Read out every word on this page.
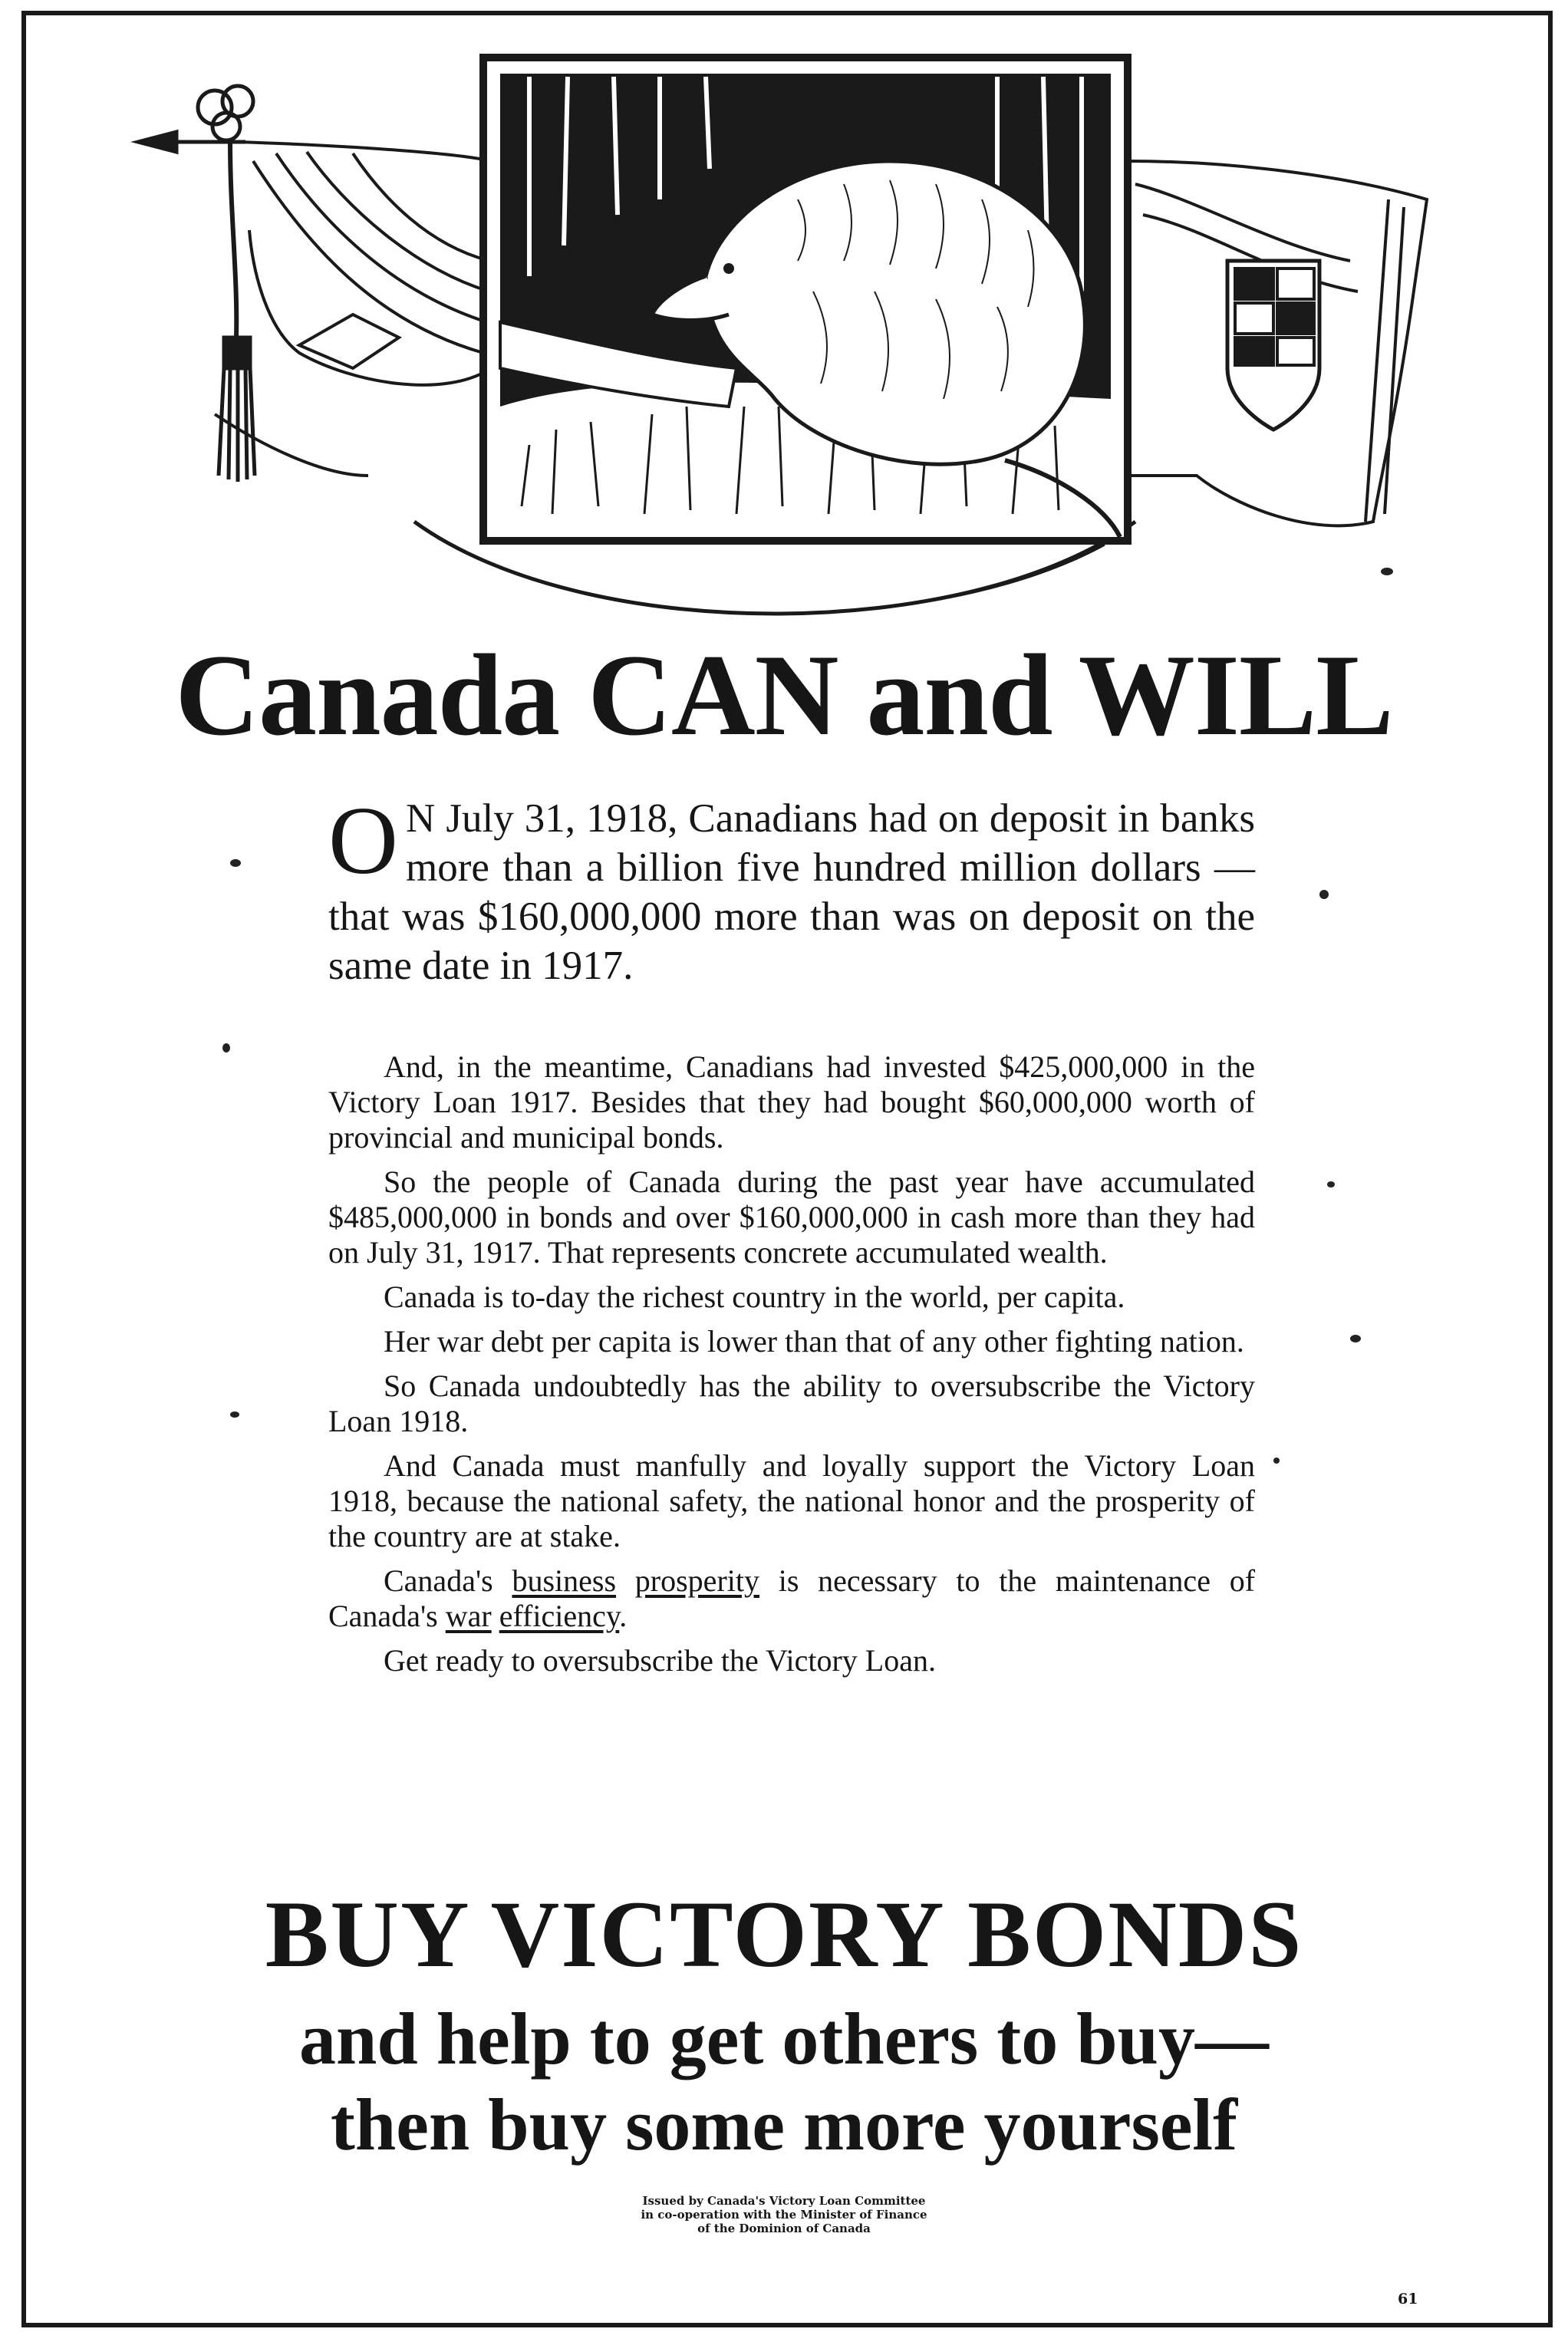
Canada CAN and WILL

O N July 31, 1918, Canadians had on deposit in banks more than a billion five hundred million dollars — that was $160,000,000 more than was on deposit on the same date in 1917.

And, in the meantime, Canadians had invested $425,000,000 in the Victory Loan 1917. Besides that they had bought $60,000,000 worth of provincial and municipal bonds.

So the people of Canada during the past year have accumulated $485,000,000 in bonds and over $160,000,000 in cash more than they had on July 31, 1917. That represents concrete accumulated wealth.

Canada is to-day the richest country in the world, per capita.

Her war debt per capita is lower than that of any other fighting nation.

So Canada undoubtedly has the ability to oversubscribe the Victory Loan 1918.

And Canada must manfully and loyally support the Victory Loan 1918, because the national safety, the national honor and the prosperity of the country are at stake.

Canada's business prosperity is necessary to the maintenance of Canada's war efficiency.

Get ready to oversubscribe the Victory Loan.

BUY VICTORY BONDS
and help to get others to buy—
then buy some more yourself
Issued by Canada's Victory Loan Committee
in co-operation with the Minister of Finance
of the Dominion of Canada
61
